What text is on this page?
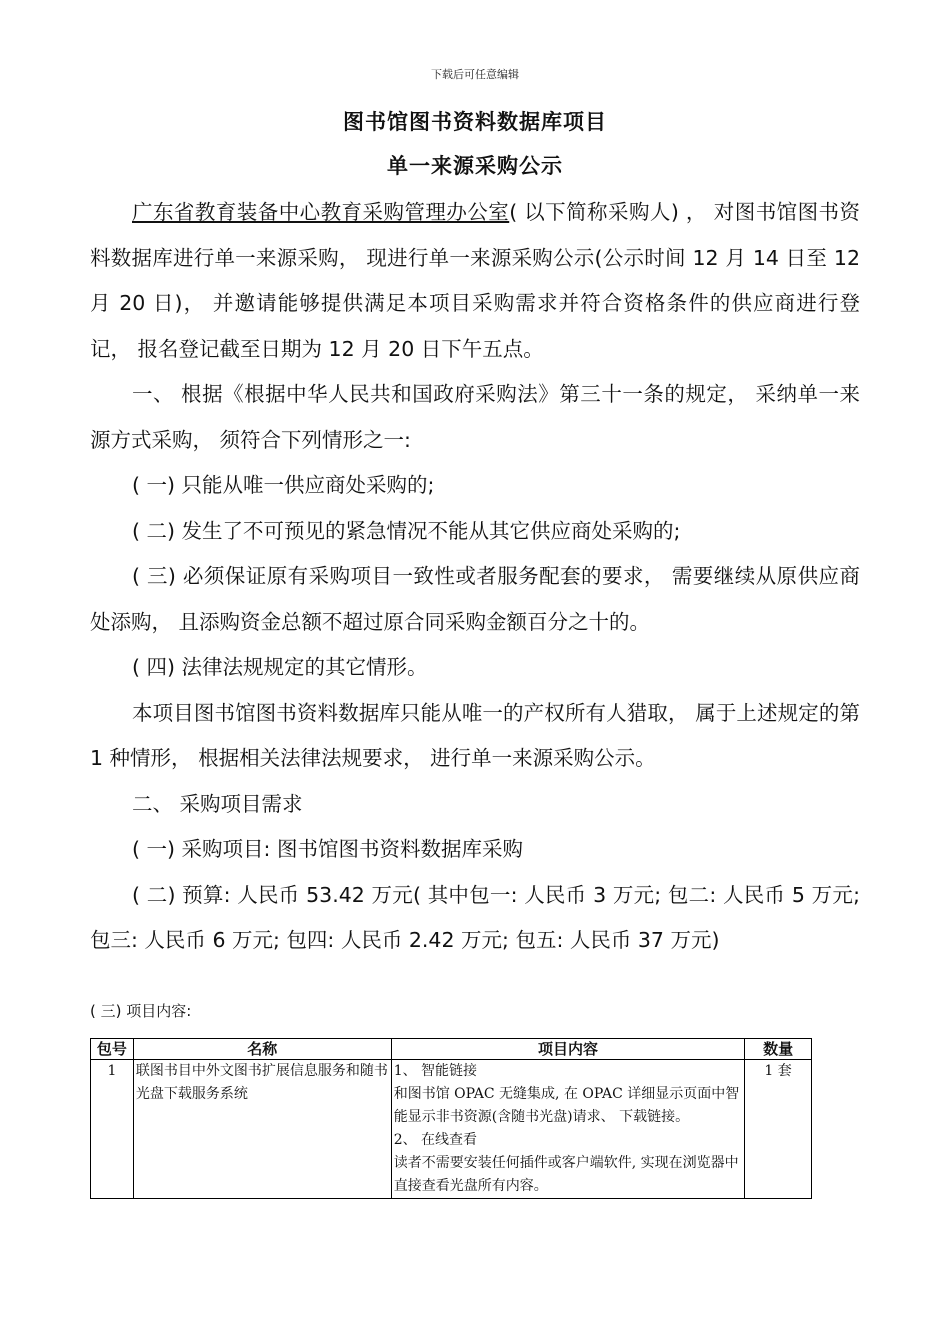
下载后可任意编辑
图书馆图书资料数据库项目
单一来源采购公示

广东省教育装备中心教育采购管理办公室( 以下简称采购人) ， 对图书馆图书资料数据库进行单一来源采购， 现进行单一来源采购公示(公示时间 12 月 14 日至 12 月 20 日)， 并邀请能够提供满足本项目采购需求并符合资格条件的供应商进行登记， 报名登记截至日期为 12 月 20 日下午五点。

一、 根据《根据中华人民共和国政府采购法》第三十一条的规定， 采纳单一来源方式采购， 须符合下列情形之一:

( 一) 只能从唯一供应商处采购的;

( 二) 发生了不可预见的紧急情况不能从其它供应商处采购的;

( 三) 必须保证原有采购项目一致性或者服务配套的要求， 需要继续从原供应商处添购， 且添购资金总额不超过原合同采购金额百分之十的。

( 四) 法律法规规定的其它情形。

本项目图书馆图书资料数据库只能从唯一的产权所有人猎取， 属于上述规定的第 1 种情形， 根据相关法律法规要求， 进行单一来源采购公示。

二、 采购项目需求

( 一) 采购项目: 图书馆图书资料数据库采购

( 二) 预算: 人民币 53.42 万元( 其中包一: 人民币 3 万元; 包二: 人民币 5 万元; 包三: 人民币 6 万元; 包四: 人民币 2.42 万元; 包五: 人民币 37 万元)

( 三) 项目内容:
包号	名称	项目内容	数量
1	联图书目中外文图书扩展信息服务和随书光盘下载服务系统	1、 智能链接
和图书馆 OPAC 无缝集成, 在 OPAC 详细显示页面中智能显示非书资源(含随书光盘)请求、 下载链接。
2、 在线查看
读者不需要安装任何插件或客户端软件, 实现在浏览器中直接查看光盘所有内容。	1 套
